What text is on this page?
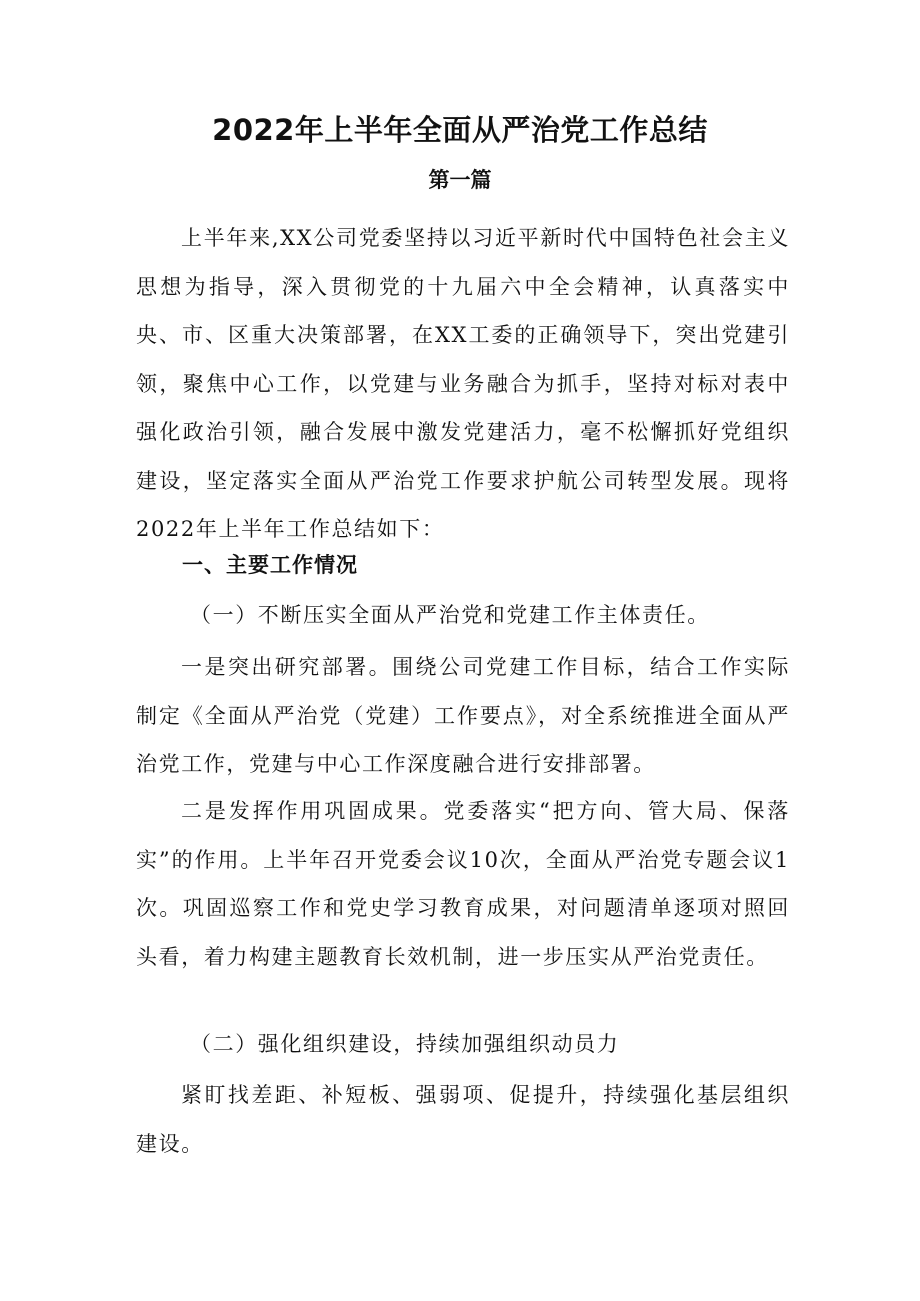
2022年上半年全面从严治党工作总结
第一篇

上半年来,XX公司党委坚持以习近平新时代中国特色社会主义思想为指导，深入贯彻党的十九届六中全会精神，认真落实中央、市、区重大决策部署，在XX工委的正确领导下，突出党建引领，聚焦中心工作，以党建与业务融合为抓手，坚持对标对表中强化政治引领，融合发展中激发党建活力，毫不松懈抓好党组织建设，坚定落实全面从严治党工作要求护航公司转型发展。现将2022年上半年工作总结如下：

一、主要工作情况

（一）不断压实全面从严治党和党建工作主体责任。

一是突出研究部署。围绕公司党建工作目标，结合工作实际制定《全面从严治党（党建）工作要点》，对全系统推进全面从严治党工作，党建与中心工作深度融合进行安排部署。

二是发挥作用巩固成果。党委落实“把方向、管大局、保落实”的作用。上半年召开党委会议10次，全面从严治党专题会议1次。巩固巡察工作和党史学习教育成果，对问题清单逐项对照回头看，着力构建主题教育长效机制，进一步压实从严治党责任。

（二）强化组织建设，持续加强组织动员力

紧盯找差距、补短板、强弱项、促提升，持续强化基层组织建设。
